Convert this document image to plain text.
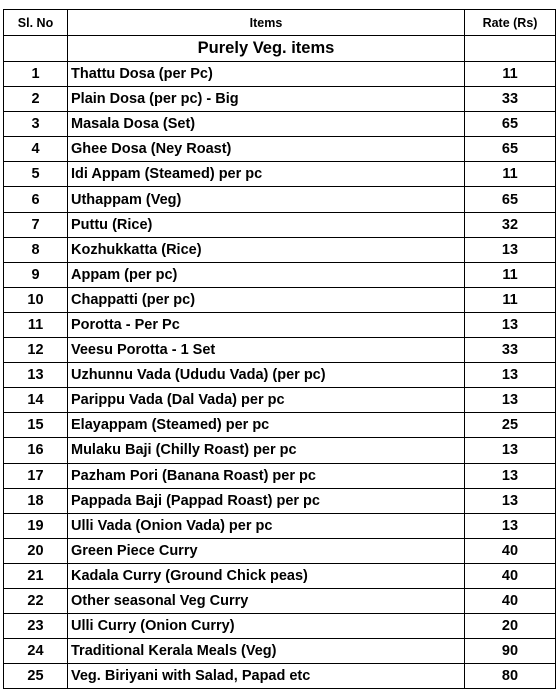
Sl. No	Items	Rate (Rs)
	Purely Veg. items	
1	Thattu Dosa (per Pc)	11
2	Plain Dosa (per pc) - Big	33
3	Masala Dosa (Set)	65
4	Ghee Dosa (Ney Roast)	65
5	Idi Appam (Steamed) per pc	11
6	Uthappam (Veg)	65
7	Puttu (Rice)	32
8	Kozhukkatta (Rice)	13
9	Appam (per pc)	11
10	Chappatti (per pc)	11
11	Porotta - Per Pc	13
12	Veesu Porotta - 1 Set	33
13	Uzhunnu Vada (Ududu Vada) (per pc)	13
14	Parippu Vada (Dal Vada) per pc	13
15	Elayappam (Steamed) per pc	25
16	Mulaku Baji (Chilly Roast) per pc	13
17	Pazham Pori (Banana Roast) per pc	13
18	Pappada Baji (Pappad Roast) per pc	13
19	Ulli Vada (Onion Vada) per pc	13
20	Green Piece Curry	40
21	Kadala Curry (Ground Chick peas)	40
22	Other seasonal Veg Curry	40
23	Ulli Curry (Onion Curry)	20
24	Traditional Kerala Meals (Veg)	90
25	Veg. Biriyani with Salad, Papad etc	80
